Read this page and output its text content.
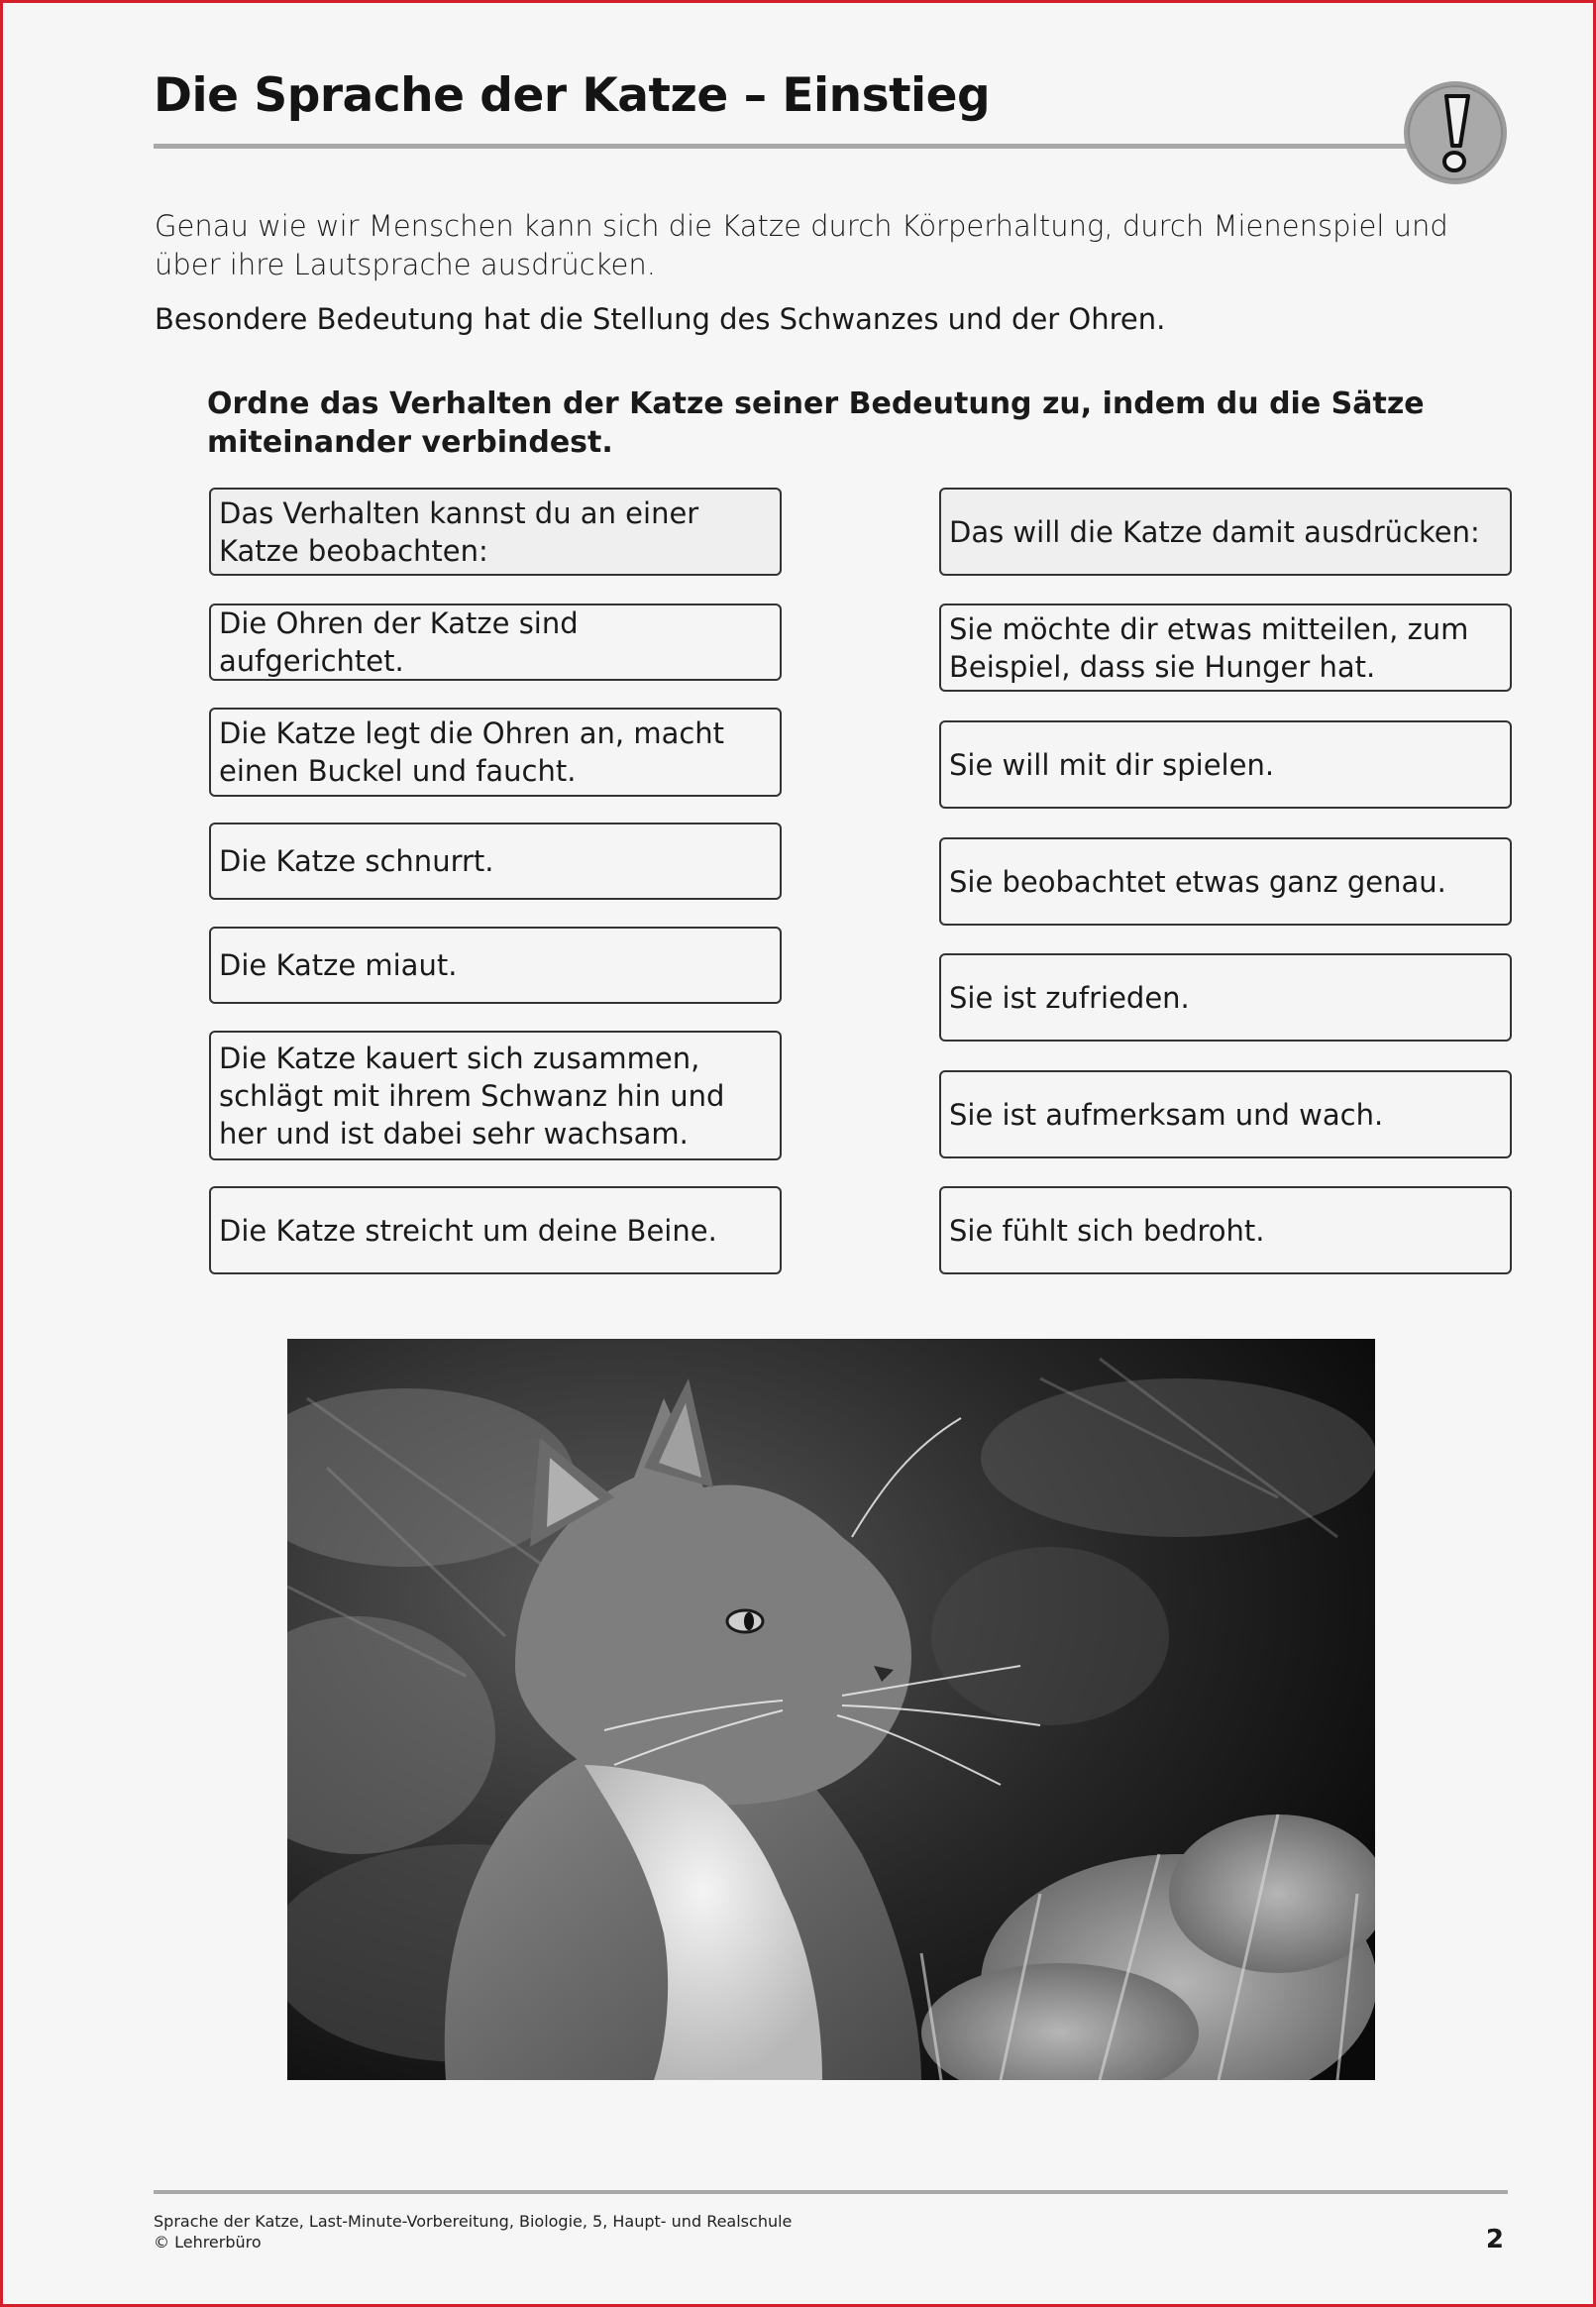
Die Sprache der Katze – Einstieg

Genau wie wir Menschen kann sich die Katze durch Körperhaltung, durch Mienenspiel und über ihre Lautsprache ausdrücken.

Besondere Bedeutung hat die Stellung des Schwanzes und der Ohren.

Ordne das Verhalten der Katze seiner Bedeutung zu, indem du die Sätze miteinander verbindest.

Das Verhalten kannst du an einer Katze beobachten:
Die Ohren der Katze sind aufgerichtet.
Die Katze legt die Ohren an, macht einen Buckel und faucht.
Die Katze schnurrt.
Die Katze miaut.
Die Katze kauert sich zusammen, schlägt mit ihrem Schwanz hin und her und ist dabei sehr wachsam.
Die Katze streicht um deine Beine.
Das will die Katze damit ausdrücken:
Sie möchte dir etwas mitteilen, zum Beispiel, dass sie Hunger hat.
Sie will mit dir spielen.
Sie beobachtet etwas ganz genau.
Sie ist zufrieden.
Sie ist aufmerksam und wach.
Sie fühlt sich bedroht.
Sprache der Katze, Last-Minute-Vorbereitung, Biologie, 5, Haupt- und Realschule
© Lehrerbüro	2
